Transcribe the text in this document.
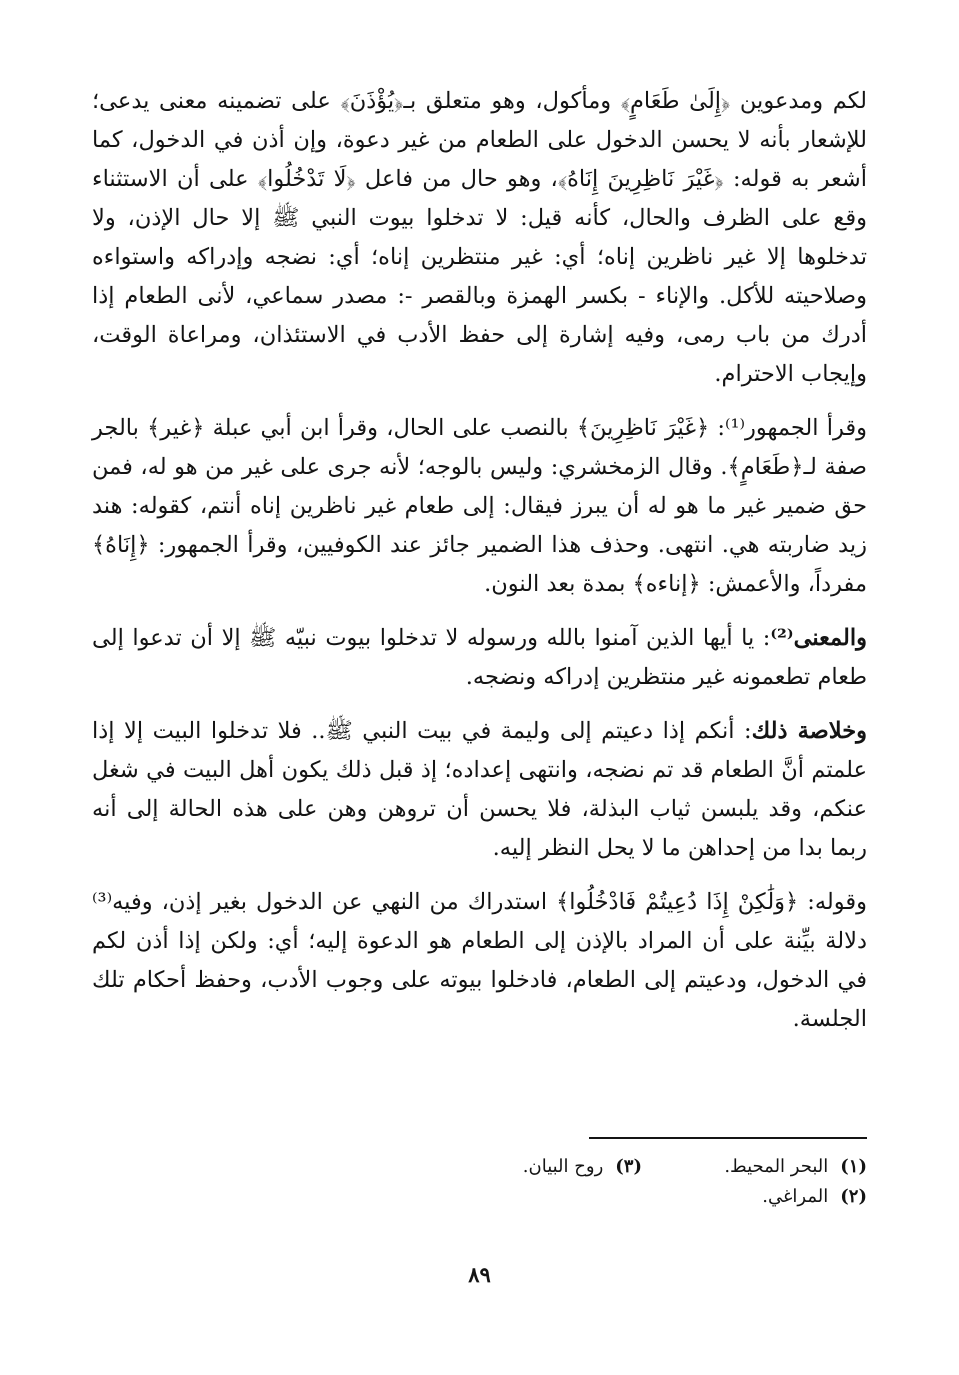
لكم ومدعوين ﴿إِلَىٰ طَعَامٍ﴾ ومأكول، وهو متعلق بـ﴿يُؤْذَنَ﴾ على تضمينه معنى يدعى؛ للإشعار بأنه لا يحسن الدخول على الطعام من غير دعوة، وإن أذن في الدخول، كما أشعر به قوله: ﴿غَيْرَ نَاظِرِينَ إِنَاهُ﴾، وهو حال من فاعل ﴿لَا تَدْخُلُوا﴾ على أن الاستثناء وقع على الظرف والحال، كأنه قيل: لا تدخلوا بيوت النبي ﷺ إلا حال الإذن، ولا تدخلوها إلا غير ناظرين إناه؛ أي: غير منتظرين إناه؛ أي: نضجه وإدراكه واستواءه وصلاحيته للأكل. والإناء - بكسر الهمزة وبالقصر -: مصدر سماعي، لأنى الطعام إذا أدرك من باب رمى، وفيه إشارة إلى حفظ الأدب في الاستئذان، ومراعاة الوقت، وإيجاب الاحترام.

وقرأ الجمهور⁽¹⁾: ﴿غَيْرَ نَاظِرِينَ﴾ بالنصب على الحال، وقرأ ابن أبي عبلة ﴿غير﴾ بالجر صفة لـ﴿طَعَامٍ﴾. وقال الزمخشري: وليس بالوجه؛ لأنه جرى على غير من هو له، فمن حق ضمير غير ما هو له أن يبرز فيقال: إلى طعام غير ناظرين إناه أنتم، كقوله: هند زيد ضاربته هي. انتهى. وحذف هذا الضمير جائز عند الكوفيين، وقرأ الجمهور: ﴿إِنَاهُ﴾ مفرداً، والأعمش: ﴿إناءه﴾ بمدة بعد النون.

والمعنى⁽²⁾: يا أيها الذين آمنوا بالله ورسوله لا تدخلوا بيوت نبيّه ﷺ إلا أن تدعوا إلى طعام تطعمونه غير منتظرين إدراكه ونضجه.

وخلاصة ذلك: أنكم إذا دعيتم إلى وليمة في بيت النبي ﷺ.. فلا تدخلوا البيت إلا إذا علمتم أنَّ الطعام قد تم نضجه، وانتهى إعداده؛ إذ قبل ذلك يكون أهل البيت في شغل عنكم، وقد يلبسن ثياب البذلة، فلا يحسن أن تروهن وهن على هذه الحالة إلى أنه ربما بدا من إحداهن ما لا يحل النظر إليه.

وقوله: ﴿وَلَٰكِنْ إِذَا دُعِيتُمْ فَادْخُلُوا﴾ استدراك من النهي عن الدخول بغير إذن، وفيه⁽³⁾ دلالة بيِّنة على أن المراد بالإذن إلى الطعام هو الدعوة إليه؛ أي: ولكن إذا أذن لكم في الدخول، ودعيتم إلى الطعام، فادخلوا بيوته على وجوب الأدب، وحفظ أحكام تلك الجلسة.

(١)البحر المحيط.
(٣)روح البيان.
(٢)المراغي.
٨٩
